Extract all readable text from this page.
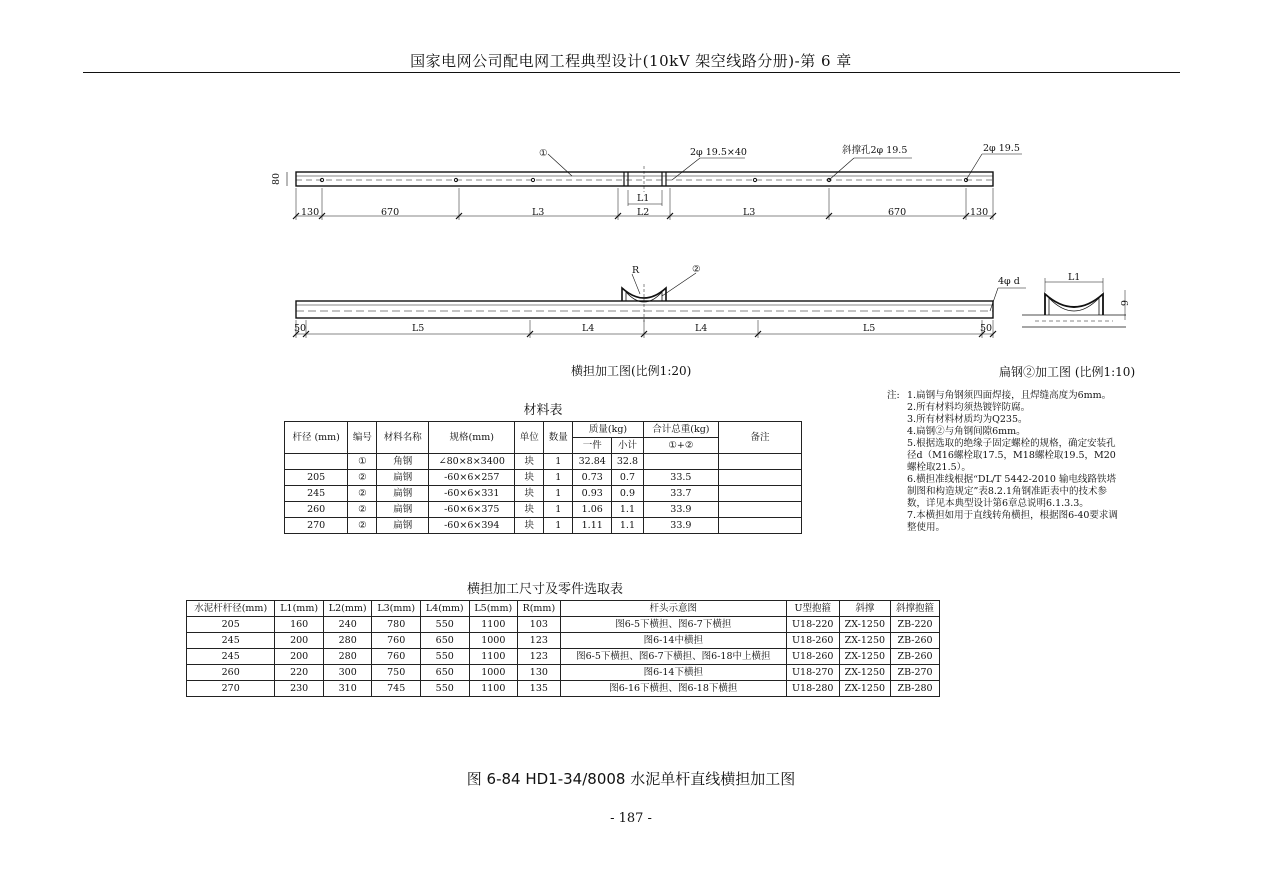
国家电网公司配电网工程典型设计(10kV 架空线路分册)-第 6 章
①	2φ 19.5×40	斜撑孔2φ 19.5	2φ 19.5
80
L1
130	670	L3	L2	L3	670	130
R	②
4φ d
50	L5	L4	L4	L5	50
L1
6
横担加工图(比例1:20)	扁钢②加工图 (比例1:10)
材料表
杆径 (mm)	编号	材料名称	规格(mm)	单位	数量	质量(kg)		合计总重(kg)	备注
						一件	小计	①+②	
	①	角钢	∠80×8×3400	块	1	32.84	32.8		
205	②	扁钢	-60×6×257	块	1	0.73	0.7	33.5	
245	②	扁钢	-60×6×331	块	1	0.93	0.9	33.7	
260	②	扁钢	-60×6×375	块	1	1.06	1.1	33.9	
270	②	扁钢	-60×6×394	块	1	1.11	1.1	33.9	
注: 1.扁钢与角钢须四面焊接，且焊缝高度为6mm。
2.所有材料均须热镀锌防腐。
3.所有材料材质均为Q235。
4.扁钢②与角钢间隙6mm。
5.根据选取的绝缘子固定螺栓的规格，确定安装孔径d（M16螺栓取17.5，M18螺栓取19.5，M20螺栓取21.5）。
6.横担准线根据“DL/T 5442-2010 输电线路铁塔制图和构造规定”表8.2.1角钢准距表中的技术参数，详见本典型设计第6章总说明6.1.3.3。
7.本横担如用于直线转角横担，根据图6-40要求调整使用。
横担加工尺寸及零件选取表
水泥杆杆径(mm)	L1(mm)	L2(mm)	L3(mm)	L4(mm)	L5(mm)	R(mm)	杆头示意图	U型抱箍	斜撑	斜撑抱箍
205	160	240	780	550	1100	103	图6-5下横担、图6-7下横担	U18-220	ZX-1250	ZB-220
245	200	280	760	650	1000	123	图6-14中横担	U18-260	ZX-1250	ZB-260
245	200	280	760	550	1100	123	图6-5下横担、图6-7下横担、图6-18中上横担	U18-260	ZX-1250	ZB-260
260	220	300	750	650	1000	130	图6-14下横担	U18-270	ZX-1250	ZB-270
270	230	310	745	550	1100	135	图6-16下横担、图6-18下横担	U18-280	ZX-1250	ZB-280
图 6-84 HD1-34/8008 水泥单杆直线横担加工图
- 187 -
